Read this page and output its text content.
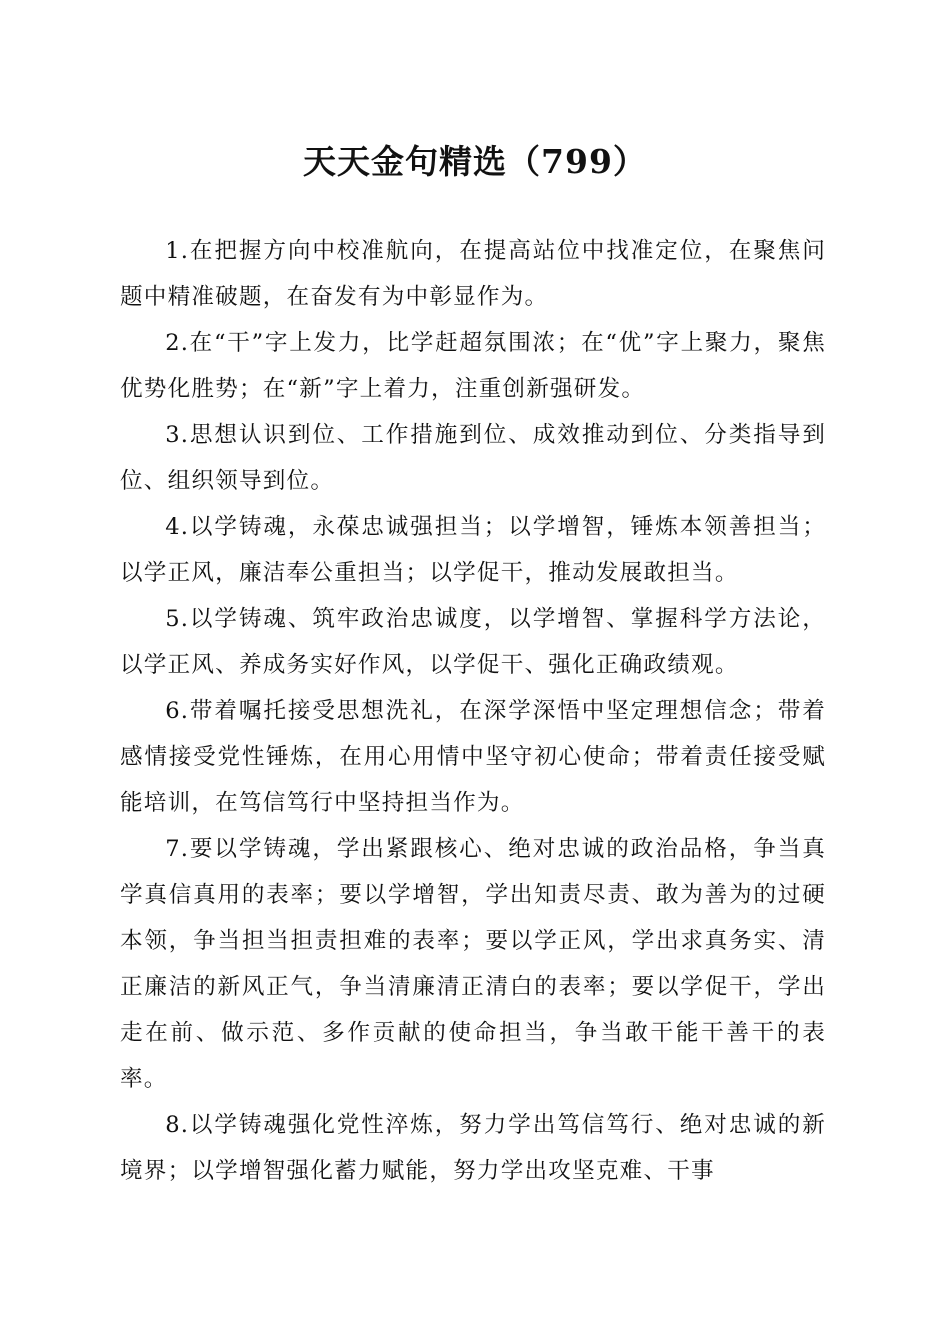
天天金句精选（799）

1.在把握方向中校准航向，在提高站位中找准定位，在聚焦问题中精准破题，在奋发有为中彰显作为。

2.在“干”字上发力，比学赶超氛围浓；在“优”字上聚力，聚焦优势化胜势；在“新”字上着力，注重创新强研发。

3.思想认识到位、工作措施到位、成效推动到位、分类指导到位、组织领导到位。

4.以学铸魂，永葆忠诚强担当；以学增智，锤炼本领善担当；以学正风，廉洁奉公重担当；以学促干，推动发展敢担当。

5.以学铸魂、筑牢政治忠诚度，以学增智、掌握科学方法论，以学正风、养成务实好作风，以学促干、强化正确政绩观。

6.带着嘱托接受思想洗礼，在深学深悟中坚定理想信念；带着感情接受党性锤炼，在用心用情中坚守初心使命；带着责任接受赋能培训，在笃信笃行中坚持担当作为。

7.要以学铸魂，学出紧跟核心、绝对忠诚的政治品格，争当真学真信真用的表率；要以学增智，学出知责尽责、敢为善为的过硬本领，争当担当担责担难的表率；要以学正风，学出求真务实、清正廉洁的新风正气，争当清廉清正清白的表率；要以学促干，学出走在前、做示范、多作贡献的使命担当，争当敢干能干善干的表率。

8.以学铸魂强化党性淬炼，努力学出笃信笃行、绝对忠诚的新境界；以学增智强化蓄力赋能，努力学出攻坚克难、干事
